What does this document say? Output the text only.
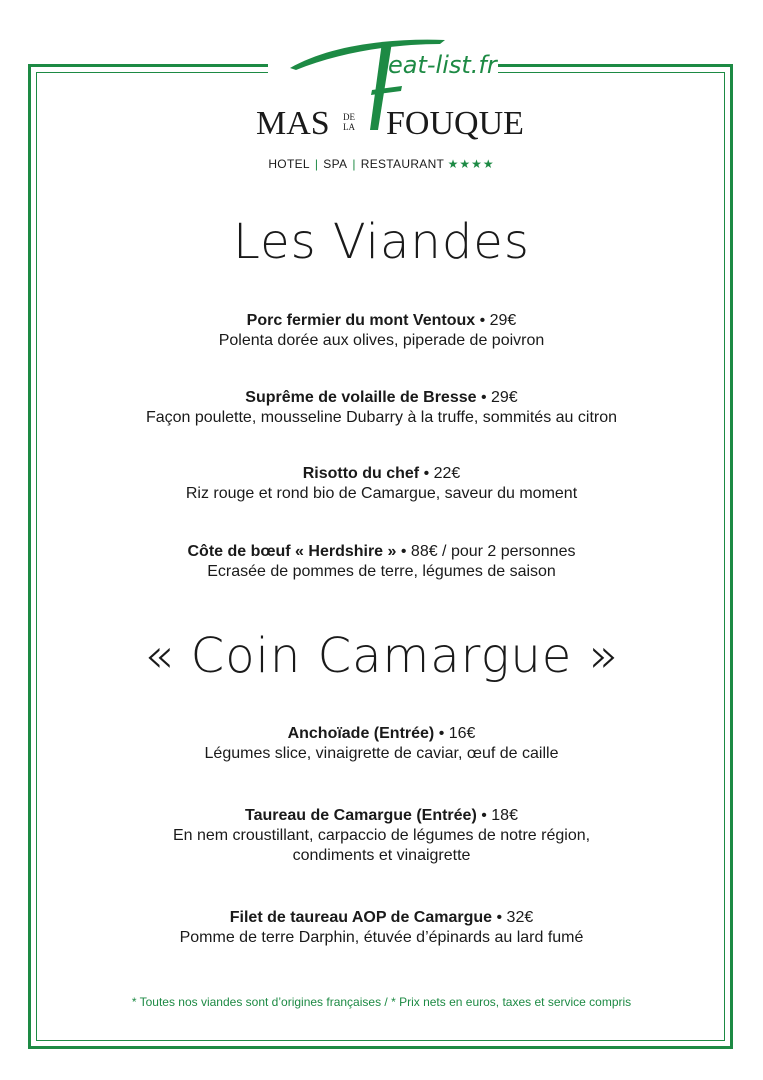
eat-list.fr
MAS	DE LA FOUQUE
HOTEL | SPA | RESTAURANT ★★★★
Les Viandes
Porc fermier du mont Ventoux • 29€
Polenta dorée aux olives, piperade de poivron
Suprême de volaille de Bresse • 29€
Façon poulette, mousseline Dubarry à la truffe, sommités au citron
Risotto du chef • 22€
Riz rouge et rond bio de Camargue, saveur du moment
Côte de bœuf « Herdshire » • 88€ / pour 2 personnes
Ecrasée de pommes de terre, légumes de saison
« Coin Camargue »
Anchoïade (Entrée) • 16€
Légumes slice, vinaigrette de caviar, œuf de caille
Taureau de Camargue (Entrée) • 18€
En nem croustillant, carpaccio de légumes de notre région,
condiments et vinaigrette
Filet de taureau AOP de Camargue • 32€
Pomme de terre Darphin, étuvée d’épinards au lard fumé
* Toutes nos viandes sont d’origines françaises / * Prix nets en euros, taxes et service compris
